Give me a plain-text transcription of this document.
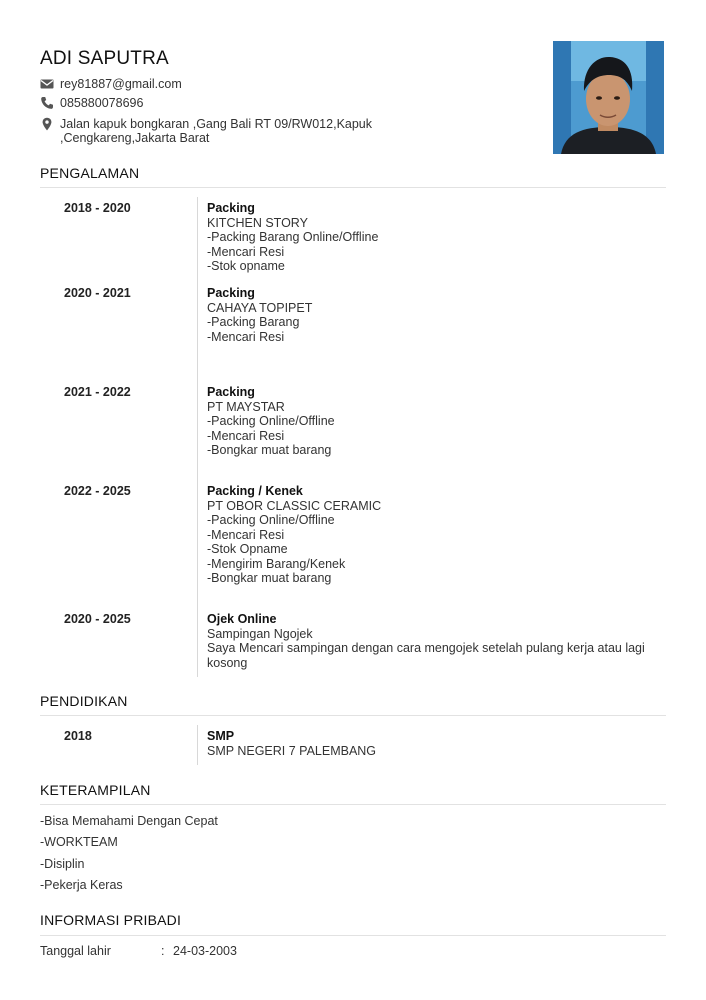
ADI SAPUTRA
rey81887@gmail.com
085880078696
Jalan kapuk bongkaran ,Gang Bali RT 09/RW012,Kapuk ,Cengkareng,Jakarta Barat
PENGALAMAN
2018 - 2020	Packing
KITCHEN STORY
-Packing Barang Online/Offline
-Mencari Resi
-Stok opname
2020 - 2021	Packing
CAHAYA TOPIPET
-Packing Barang
-Mencari Resi
2021 - 2022	Packing
PT MAYSTAR
-Packing Online/Offline
-Mencari Resi
-Bongkar muat barang
2022 - 2025	Packing / Kenek
PT OBOR CLASSIC CERAMIC
-Packing Online/Offline
-Mencari Resi
-Stok Opname
-Mengirim Barang/Kenek
-Bongkar muat barang
2020 - 2025	Ojek Online
Sampingan Ngojek
Saya Mencari sampingan dengan cara mengojek setelah pulang kerja atau lagi kosong
PENDIDIKAN
2018	SMP
SMP NEGERI 7 PALEMBANG
KETERAMPILAN
-Bisa Memahami Dengan Cepat
-WORKTEAM
-Disiplin
-Pekerja Keras
INFORMASI PRIBADI
Tanggal lahir	: 24-03-2003
